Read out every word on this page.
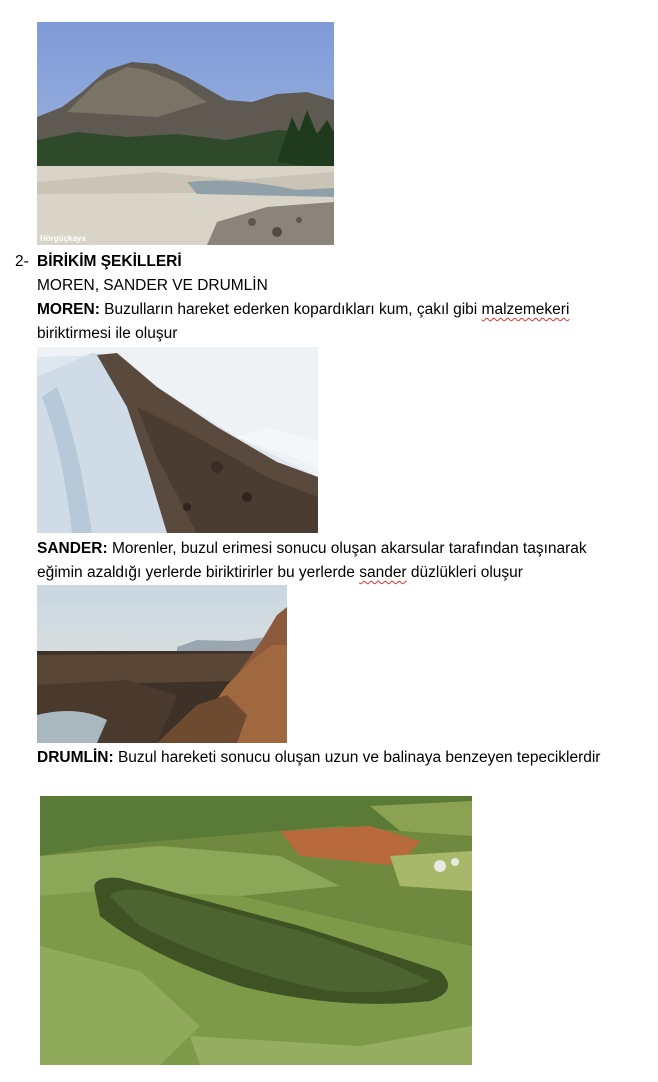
Hörgüçkaya
2- BİRİKİM ŞEKİLLERİ
MOREN, SANDER VE DRUMLİN
MOREN: Buzulların hareket ederken kopardıkları kum, çakıl gibi malzemekeri
biriktirmesi ile oluşur
SANDER: Morenler, buzul erimesi sonucu oluşan akarsular tarafından taşınarak
eğimin azaldığı yerlerde biriktirirler bu yerlerde sander düzlükleri oluşur
DRUMLİN: Buzul hareketi sonucu oluşan uzun ve balinaya benzeyen tepeciklerdir
